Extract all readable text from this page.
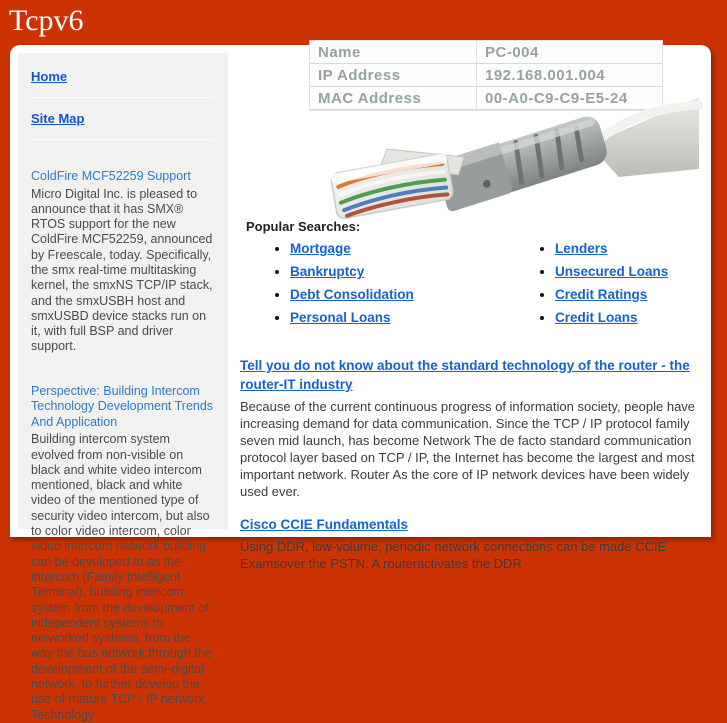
Tcpv6
Home
Site Map
ColdFire MCF52259 Support

Micro Digital Inc. is pleased to announce that it has SMX® RTOS support for the new ColdFire MCF52259, announced by Freescale, today. Specifically, the smx real-time multitasking kernel, the smxNS TCP/IP stack, and the smxUSBH host and smxUSBD device stacks run on it, with full BSP and driver support.

Perspective: Building Intercom Technology Development Trends And Application

Building intercom system evolved from non-visible on black and white video intercom mentioned, black and white video of the mentioned type of security video intercom, but also to color video intercom, color video intercom network building can be developed to as the intercom (Family Intelligent Terminal), building intercom system from the development of independent systems to networked systems, from the way the bus network through the development of the semi-digital network, to further develop the use of mature TCP / IP network Technology

Name	PC-004
IP Address	192.168.001.004
MAC Address	00-A0-C9-C9-E5-24
Popular Searches:
• Mortgage
• Bankruptcy
• Debt Consolidation
• Personal Loans
• Lenders
• Unsecured Loans
• Credit Ratings
• Credit Loans
Tell you do not know about the standard technology of the router - the router-IT industry

Because of the current continuous progress of information society, people have increasing demand for data communication. Since the TCP / IP protocol family seven mid launch, has become Network The de facto standard communication protocol layer based on TCP / IP, the Internet has become the largest and most important network. Router As the core of IP network devices have been widely used ever.

Cisco CCIE Fundamentals

Using DDR, low-volume, periodic network connections can be made CCIE Examsover the PSTN. A routeractivates the DDR
